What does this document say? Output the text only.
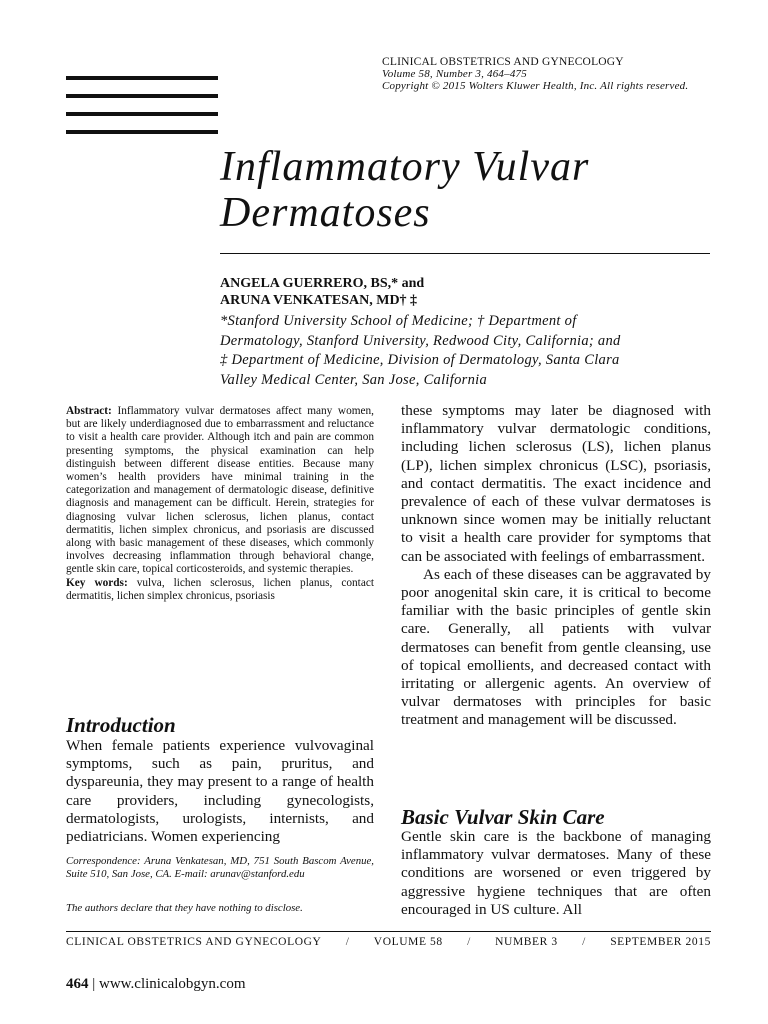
CLINICAL OBSTETRICS AND GYNECOLOGY
Volume 58, Number 3, 464–475
Copyright © 2015 Wolters Kluwer Health, Inc. All rights reserved.
Inflammatory Vulvar
Dermatoses
ANGELA GUERRERO, BS,* and
ARUNA VENKATESAN, MD† ‡
*Stanford University School of Medicine; † Department of
Dermatology, Stanford University, Redwood City, California; and
‡ Department of Medicine, Division of Dermatology, Santa Clara
Valley Medical Center, San Jose, California
Abstract: Inflammatory vulvar dermatoses affect many women, but are likely underdiagnosed due to embarrassment and reluctance to visit a health care provider. Although itch and pain are common presenting symptoms, the physical examination can help distinguish between different disease entities. Because many women’s health providers have minimal training in the categorization and management of dermatologic disease, definitive diagnosis and management can be difficult. Herein, strategies for diagnosing vulvar lichen sclerosus, lichen planus, contact dermatitis, lichen simplex chronicus, and psoriasis are discussed along with basic management of these diseases, which commonly involves decreasing inflammation through behavioral change, gentle skin care, topical corticosteroids, and systemic therapies.
Key words: vulva, lichen sclerosus, lichen planus, contact dermatitis, lichen simplex chronicus, psoriasis
Introduction
When female patients experience vulvovaginal symptoms, such as pain, pruritus, and dyspareunia, they may present to a range of health care providers, including gynecologists, dermatologists, urologists, internists, and pediatricians. Women experiencing
Correspondence: Aruna Venkatesan, MD, 751 South Bascom Avenue, Suite 510, San Jose, CA. E-mail: arunav@stanford.edu
The authors declare that they have nothing to disclose.

these symptoms may later be diagnosed with inflammatory vulvar dermatologic conditions, including lichen sclerosus (LS), lichen planus (LP), lichen simplex chronicus (LSC), psoriasis, and contact dermatitis. The exact incidence and prevalence of each of these vulvar dermatoses is unknown since women may be initially reluctant to visit a health care provider for symptoms that can be associated with feelings of embarrassment.

As each of these diseases can be aggravated by poor anogenital skin care, it is critical to become familiar with the basic principles of gentle skin care. Generally, all patients with vulvar dermatoses can benefit from gentle cleansing, use of topical emollients, and decreased contact with irritating or allergenic agents. An overview of vulvar dermatoses with principles for basic treatment and management will be discussed.

Basic Vulvar Skin Care
Gentle skin care is the backbone of managing inflammatory vulvar dermatoses. Many of these conditions are worsened or even triggered by aggressive hygiene techniques that are often encouraged in US culture. All
CLINICAL OBSTETRICS AND GYNECOLOGY / VOLUME 58 / NUMBER 3 / SEPTEMBER 2015
464 | www.clinicalobgyn.com
